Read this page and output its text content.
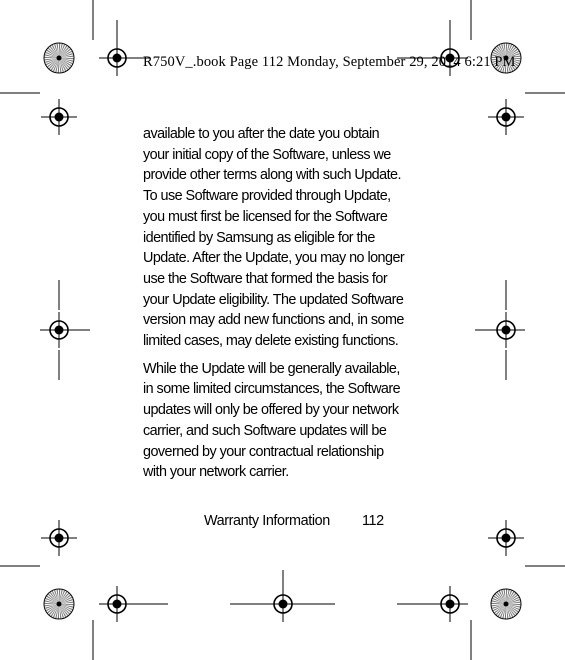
R750V_.book Page 112 Monday, September 29, 2014 6:21 PM

available to you after the date you obtain
your initial copy of the Software, unless we
provide other terms along with such Update.
To use Software provided through Update,
you must first be licensed for the Software
identified by Samsung as eligible for the
Update. After the Update, you may no longer
use the Software that formed the basis for
your Update eligibility. The updated Software
version may add new functions and, in some
limited cases, may delete existing functions.

While the Update will be generally available,
in some limited circumstances, the Software
updates will only be offered by your network
carrier, and such Software updates will be
governed by your contractual relationship
with your network carrier.

Warranty Information 112
